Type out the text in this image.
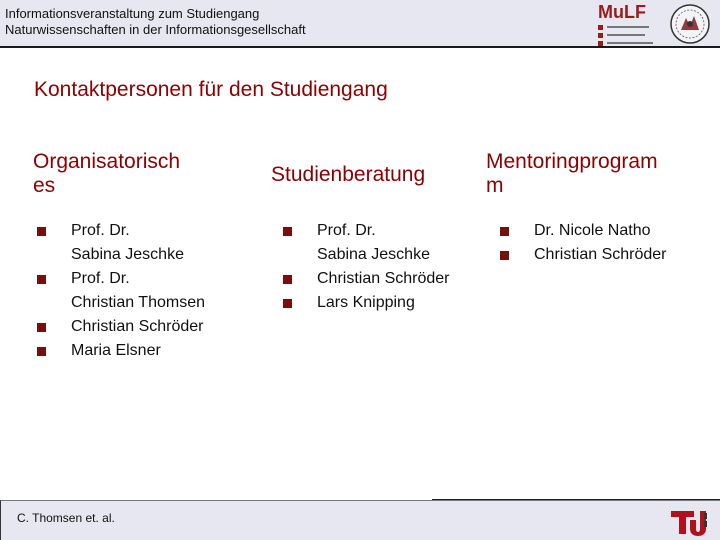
Informationsveranstaltung zum Studiengang
Naturwissenschaften in der Informationsgesellschaft
MuLF
Kontaktpersonen für den Studiengang
Organisatorisch
es
Prof. Dr.
Sabina Jeschke
Prof. Dr.
Christian Thomsen
Christian Schröder
Maria Elsner
Studienberatung
Prof. Dr.
Sabina Jeschke
Christian Schröder
Lars Knipping
Mentoringprogram
m
Dr. Nicole Natho
Christian Schröder
C. Thomsen et. al.
